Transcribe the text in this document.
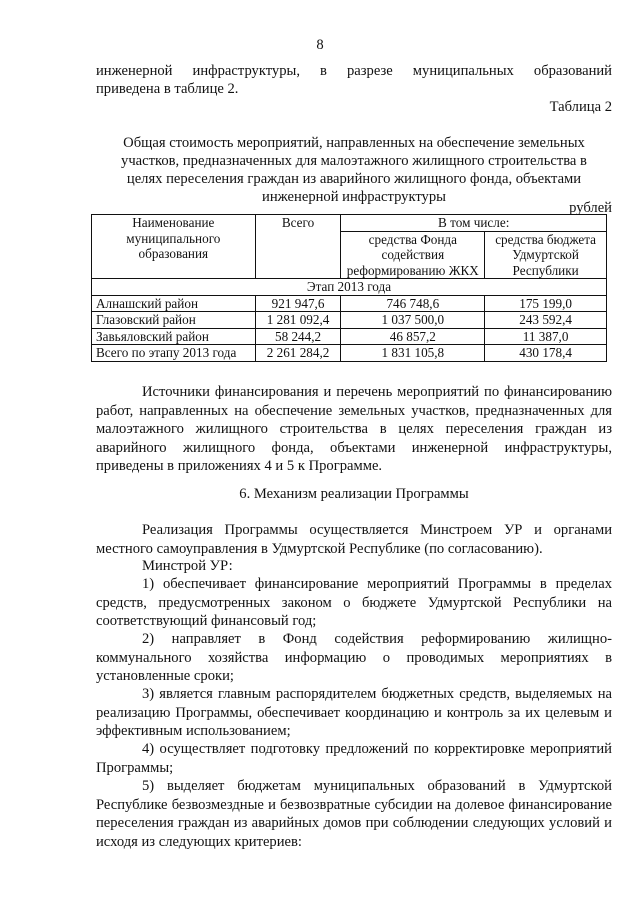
8
инженерной инфраструктуры, в разрезе муниципальных образований
приведена в таблице 2.
Таблица 2
Общая стоимость мероприятий, направленных на обеспечение земельных
участков, предназначенных для малоэтажного жилищного строительства в
целях переселения граждан из аварийного жилищного фонда, объектами
инженерной инфраструктуры
рублей
Наименование муниципального образования	Всего	В том числе:	
		средства Фонда содействия реформированию ЖКХ	средства бюджета Удмуртской Республики
Этап 2013 года			
Алнашский район	921 947,6	746 748,6	175 199,0
Глазовский район	1 281 092,4	1 037 500,0	243 592,4
Завьяловский район	58 244,2	46 857,2	11 387,0
Всего по этапу 2013 года	2 261 284,2	1 831 105,8	430 178,4
Источники финансирования и перечень мероприятий по финансированию работ, направленных на обеспечение земельных участков, предназначенных для малоэтажного жилищного строительства в целях переселения граждан из аварийного жилищного фонда, объектами инженерной инфраструктуры, приведены в приложениях 4 и 5 к Программе.
6. Механизм реализации Программы
Реализация Программы осуществляется Минстроем УР и органами местного самоуправления в Удмуртской Республике (по согласованию).
Минстрой УР:
1) обеспечивает финансирование мероприятий Программы в пределах средств, предусмотренных законом о бюджете Удмуртской Республики на соответствующий финансовый год;
2) направляет в Фонд содействия реформированию жилищно-коммунального хозяйства информацию о проводимых мероприятиях в установленные сроки;
3) является главным распорядителем бюджетных средств, выделяемых на реализацию Программы, обеспечивает координацию и контроль за их целевым и эффективным использованием;
4) осуществляет подготовку предложений по корректировке мероприятий Программы;
5) выделяет бюджетам муниципальных образований в Удмуртской Республике безвозмездные и безвозвратные субсидии на долевое финансирование переселения граждан из аварийных домов при соблюдении следующих условий и исходя из следующих критериев:
